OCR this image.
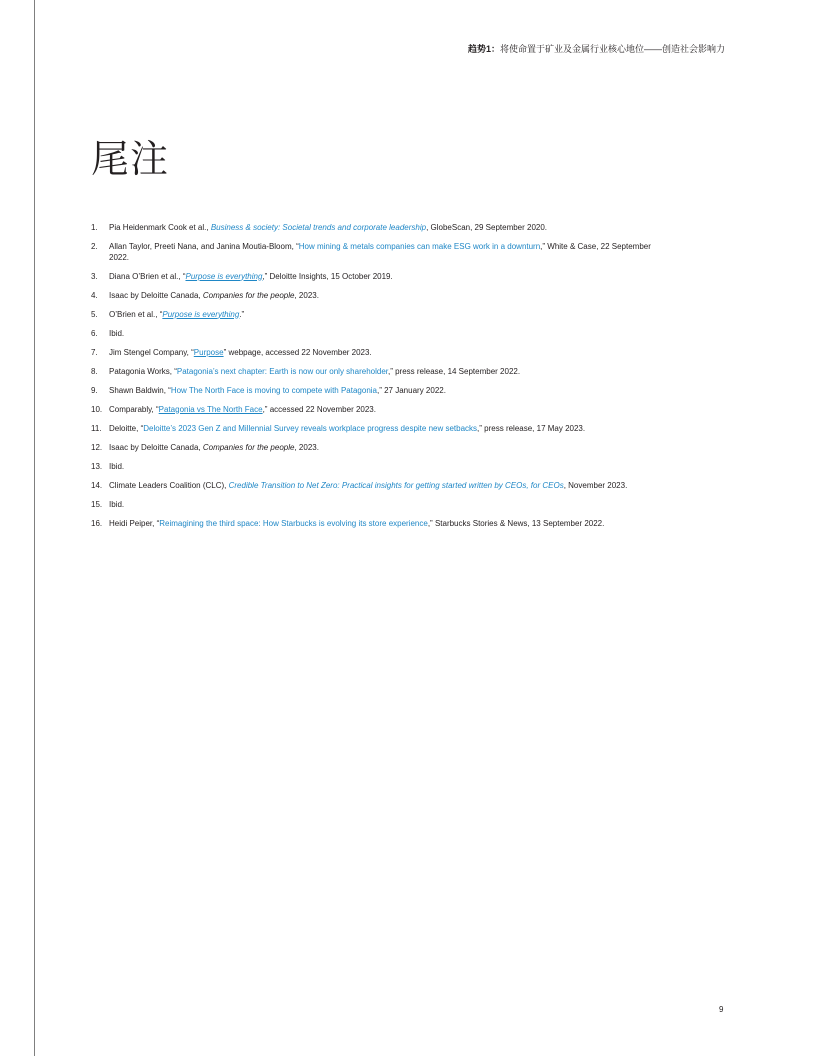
趋势1：将使命置于矿业及金属行业核心地位——创造社会影响力
尾注
1.	Pia Heidenmark Cook et al., Business & society: Societal trends and corporate leadership, GlobeScan, 29 September 2020.
2.	Allan Taylor, Preeti Nana, and Janina Moutia-Bloom, “How mining & metals companies can make ESG work in a downturn,” White & Case, 22 September 2022.
3.	Diana O’Brien et al., “Purpose is everything,” Deloitte Insights, 15 October 2019.
4.	Isaac by Deloitte Canada, Companies for the people, 2023.
5.	O’Brien et al., “Purpose is everything.”
6.	Ibid.
7.	Jim Stengel Company, “Purpose” webpage, accessed 22 November 2023.
8.	Patagonia Works, “Patagonia’s next chapter: Earth is now our only shareholder,” press release, 14 September 2022.
9.	Shawn Baldwin, “How The North Face is moving to compete with Patagonia,” 27 January 2022.
10. Comparably, “Patagonia vs The North Face,” accessed 22 November 2023.
11. Deloitte, “Deloitte’s 2023 Gen Z and Millennial Survey reveals workplace progress despite new setbacks,” press release, 17 May 2023.
12. Isaac by Deloitte Canada, Companies for the people, 2023.
13. Ibid.
14. Climate Leaders Coalition (CLC), Credible Transition to Net Zero: Practical insights for getting started written by CEOs, for CEOs, November 2023.
15. Ibid.
16. Heidi Peiper, “Reimagining the third space: How Starbucks is evolving its store experience,” Starbucks Stories & News, 13 September 2022.
9
